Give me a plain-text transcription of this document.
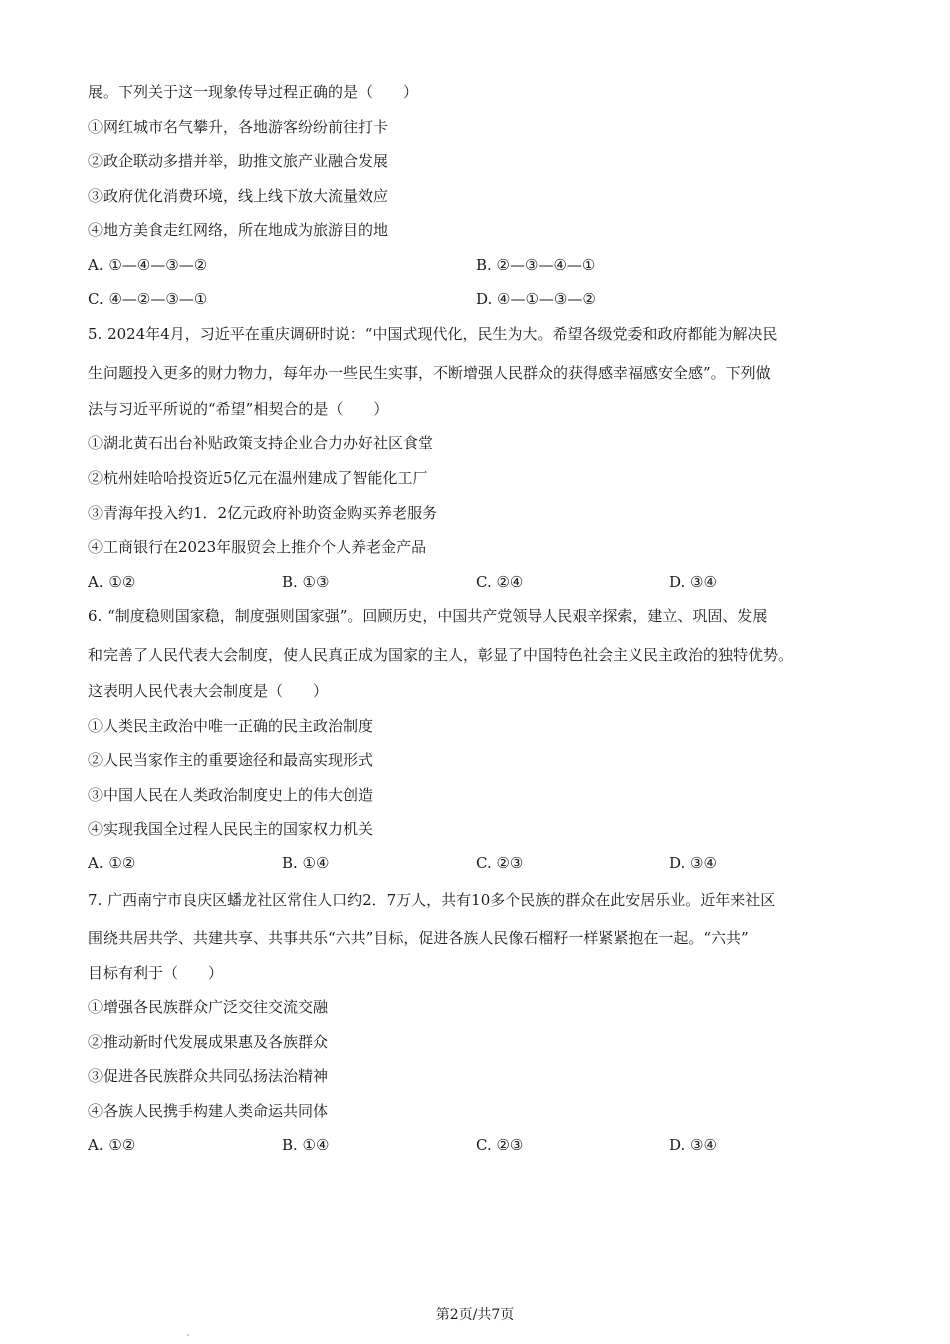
展。下列关于这一现象传导过程正确的是（　　）
①网红城市名气攀升，各地游客纷纷前往打卡
②政企联动多措并举，助推文旅产业融合发展
③政府优化消费环境，线上线下放大流量效应
④地方美食走红网络，所在地成为旅游目的地
A. ①—④—③—②	B. ②—③—④—①
C. ④—②—③—①	D. ④—①—③—②
5. 2024年4月，习近平在重庆调研时说：“中国式现代化，民生为大。希望各级党委和政府都能为解决民
生问题投入更多的财力物力，每年办一些民生实事，不断增强人民群众的获得感幸福感安全感”。下列做
法与习近平所说的“希望”相契合的是（　　）
①湖北黄石出台补贴政策支持企业合力办好社区食堂
②杭州娃哈哈投资近5亿元在温州建成了智能化工厂
③青海年投入约1．2亿元政府补助资金购买养老服务
④工商银行在2023年服贸会上推介个人养老金产品
A. ①②	B. ①③	C. ②④	D. ③④
6. “制度稳则国家稳，制度强则国家强”。回顾历史，中国共产党领导人民艰辛探索，建立、巩固、发展
和完善了人民代表大会制度，使人民真正成为国家的主人，彰显了中国特色社会主义民主政治的独特优势。
这表明人民代表大会制度是（　　）
①人类民主政治中唯一正确的民主政治制度
②人民当家作主的重要途径和最高实现形式
③中国人民在人类政治制度史上的伟大创造
④实现我国全过程人民民主的国家权力机关
A. ①②	B. ①④	C. ②③	D. ③④
7. 广西南宁市良庆区蟠龙社区常住人口约2．7万人，共有10多个民族的群众在此安居乐业。近年来社区
围绕共居共学、共建共享、共事共乐“六共”目标，促进各族人民像石榴籽一样紧紧抱在一起。“六共”
目标有利于（　　）
①增强各民族群众广泛交往交流交融
②推动新时代发展成果惠及各族群众
③促进各民族群众共同弘扬法治精神
④各族人民携手构建人类命运共同体
A. ①②	B. ①④	C. ②③	D. ③④
第2页/共7页
